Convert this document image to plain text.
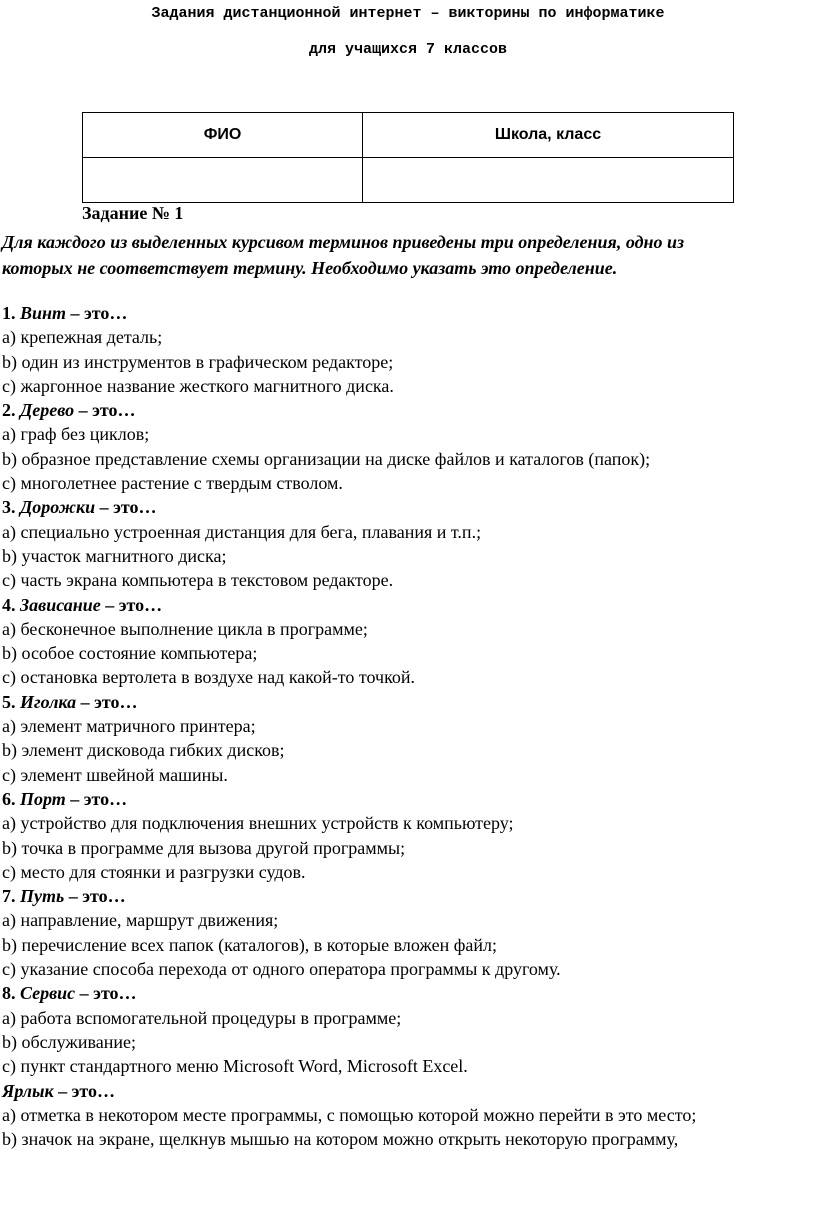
Задания дистанционной интернет – викторины по информатике
для учащихся 7 классов
ФИО	Школа, класс

Задание № 1
Для каждого из выделенных курсивом терминов приведены три определения, одно из
которых не соответствует термину. Необходимо указать это определение.
1. Винт – это…
а) крепежная деталь;
b) один из инструментов в графическом редакторе;
c) жаргонное название жесткого магнитного диска.
2. Дерево – это…
а) граф без циклов;
b) образное представление схемы организации на диске файлов и каталогов (папок);
c) многолетнее растение с твердым стволом.
3. Дорожки – это…
а) специально устроенная дистанция для бега, плавания и т.п.;
b) участок магнитного диска;
c) часть экрана компьютера в текстовом редакторе.
4. Зависание – это…
а) бесконечное выполнение цикла в программе;
b) особое состояние компьютера;
c) остановка вертолета в воздухе над какой-то точкой.
5. Иголка – это…
а) элемент матричного принтера;
b) элемент дисковода гибких дисков;
c) элемент швейной машины.
6. Порт – это…
а) устройство для подключения внешних устройств к компьютеру;
b) точка в программе для вызова другой программы;
c) место для стоянки и разгрузки судов.
7. Путь – это…
а) направление, маршрут движения;
b) перечисление всех папок (каталогов), в которые вложен файл;
c) указание способа перехода от одного оператора программы к другому.
8. Сервис – это…
а) работа вспомогательной процедуры в программе;
b) обслуживание;
c) пункт стандартного меню Microsoft Word, Microsoft Excel.
Ярлык – это…
а) отметка в некотором месте программы, с помощью которой можно перейти в это место;
b) значок на экране, щелкнув мышью на котором можно открыть некоторую программу,
